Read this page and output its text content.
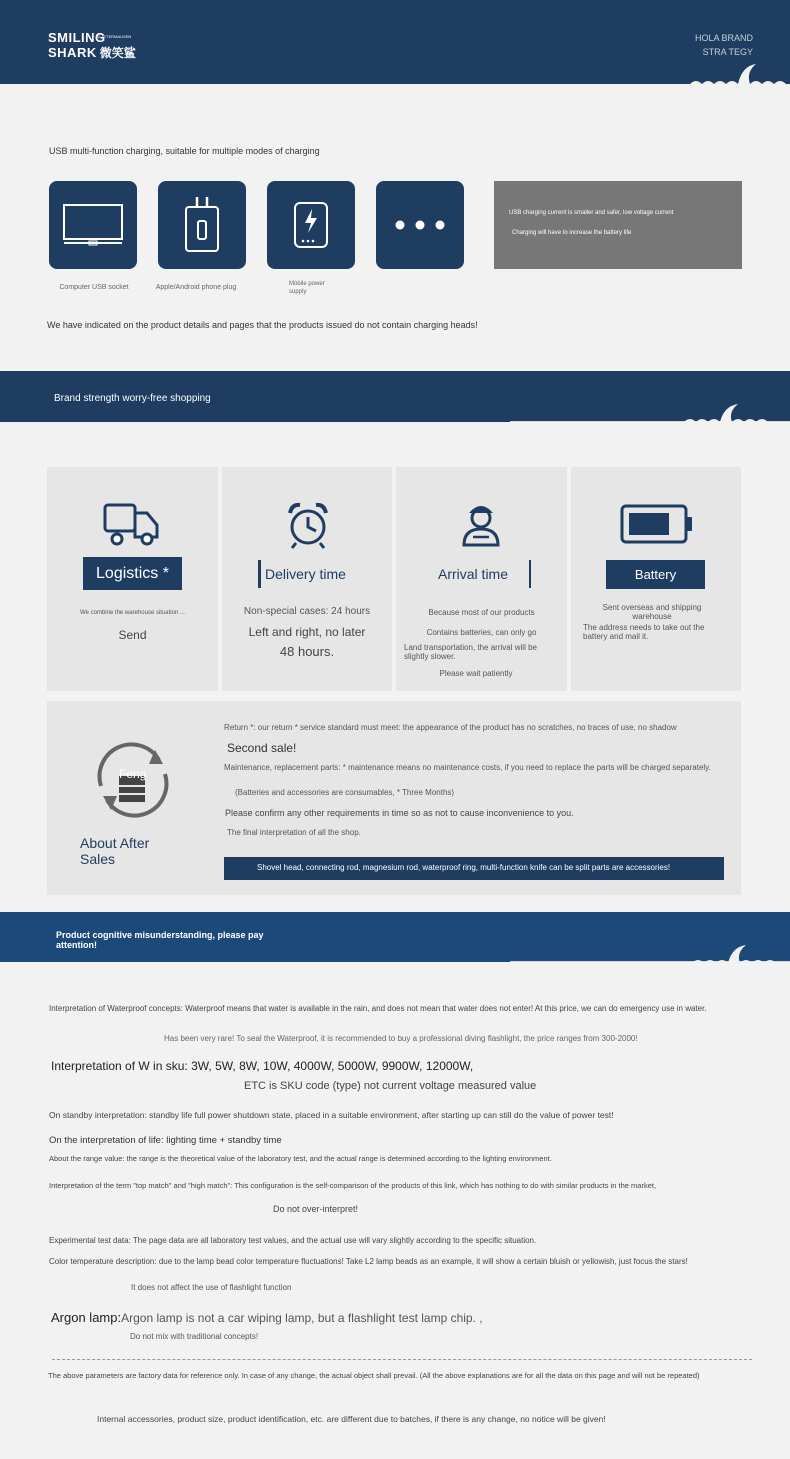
SMILING
SHARK 微笑鲨
GLATTERMAUSEN	HOLA BRAND
STRA TEGY
USB multi-function charging, suitable for multiple modes of charging
Computer USB socket	Apple/Android phone plug	Mobile power supply
USB charging current is smaller and safer, low voltage current
Charging will have to increase the battery life
We have indicated on the product details and pages that the products issued do not contain charging heads!
Brand strength worry-free shopping
Logistics *
We combine the warehouse situation ...
Send
Delivery time
Non-special cases: 24 hours
Left and right, no later
48 hours.
Arrival time
Because most of our products
Contains batteries, can only go
Land transportation, the arrival will be slightly slower.
Please wait patiently
Battery
Sent overseas and shipping warehouse
The address needs to take out the battery and mail it.
Feng
About After Sales
Return *: our return * service standard must meet: the appearance of the product has no scratches, no traces of use, no shadow
Second sale!
Maintenance, replacement parts: * maintenance means no maintenance costs, if you need to replace the parts will be charged separately.
(Batteries and accessories are consumables, * Three Months)
Please confirm any other requirements in time so as not to cause inconvenience to you.
The final interpretation of all the shop.
Shovel head, connecting rod, magnesium rod, waterproof ring, multi-function knife can be split parts are accessories!
Product cognitive misunderstanding, please pay attention!
Interpretation of Waterproof concepts: Waterproof means that water is available in the rain, and does not mean that water does not enter! At this price, we can do emergency use in water.
Has been very rare! To seal the Waterproof, it is recommended to buy a professional diving flashlight, the price ranges from 300-2000!
Interpretation of W in sku: 3W, 5W, 8W, 10W, 4000W, 5000W, 9900W, 12000W,
ETC is SKU code (type) not current voltage measured value
On standby interpretation: standby life full power shutdown state, placed in a suitable environment, after starting up can still do the value of power test!
On the interpretation of life: lighting time + standby time
About the range value: the range is the theoretical value of the laboratory test, and the actual range is determined according to the lighting environment.
Interpretation of the term "top match" and "high match": This configuration is the self-comparison of the products of this link, which has nothing to do with similar products in the market,
Do not over-interpret!
Experimental test data: The page data are all laboratory test values, and the actual use will vary slightly according to the specific situation.
Color temperature description: due to the lamp bead color temperature fluctuations! Take L2 lamp beads as an example, it will show a certain bluish or yellowish, just focus the stars!
It does not affect the use of flashlight function
Argon lamp:Argon lamp is not a car wiping lamp, but a flashlight test lamp chip. ,
Do not mix with traditional concepts!
The above parameters are factory data for reference only. In case of any change, the actual object shall prevail. (All the above explanations are for all the data on this page and will not be repeated)
Internal accessories, product size, product identification, etc. are different due to batches, if there is any change, no notice will be given!
